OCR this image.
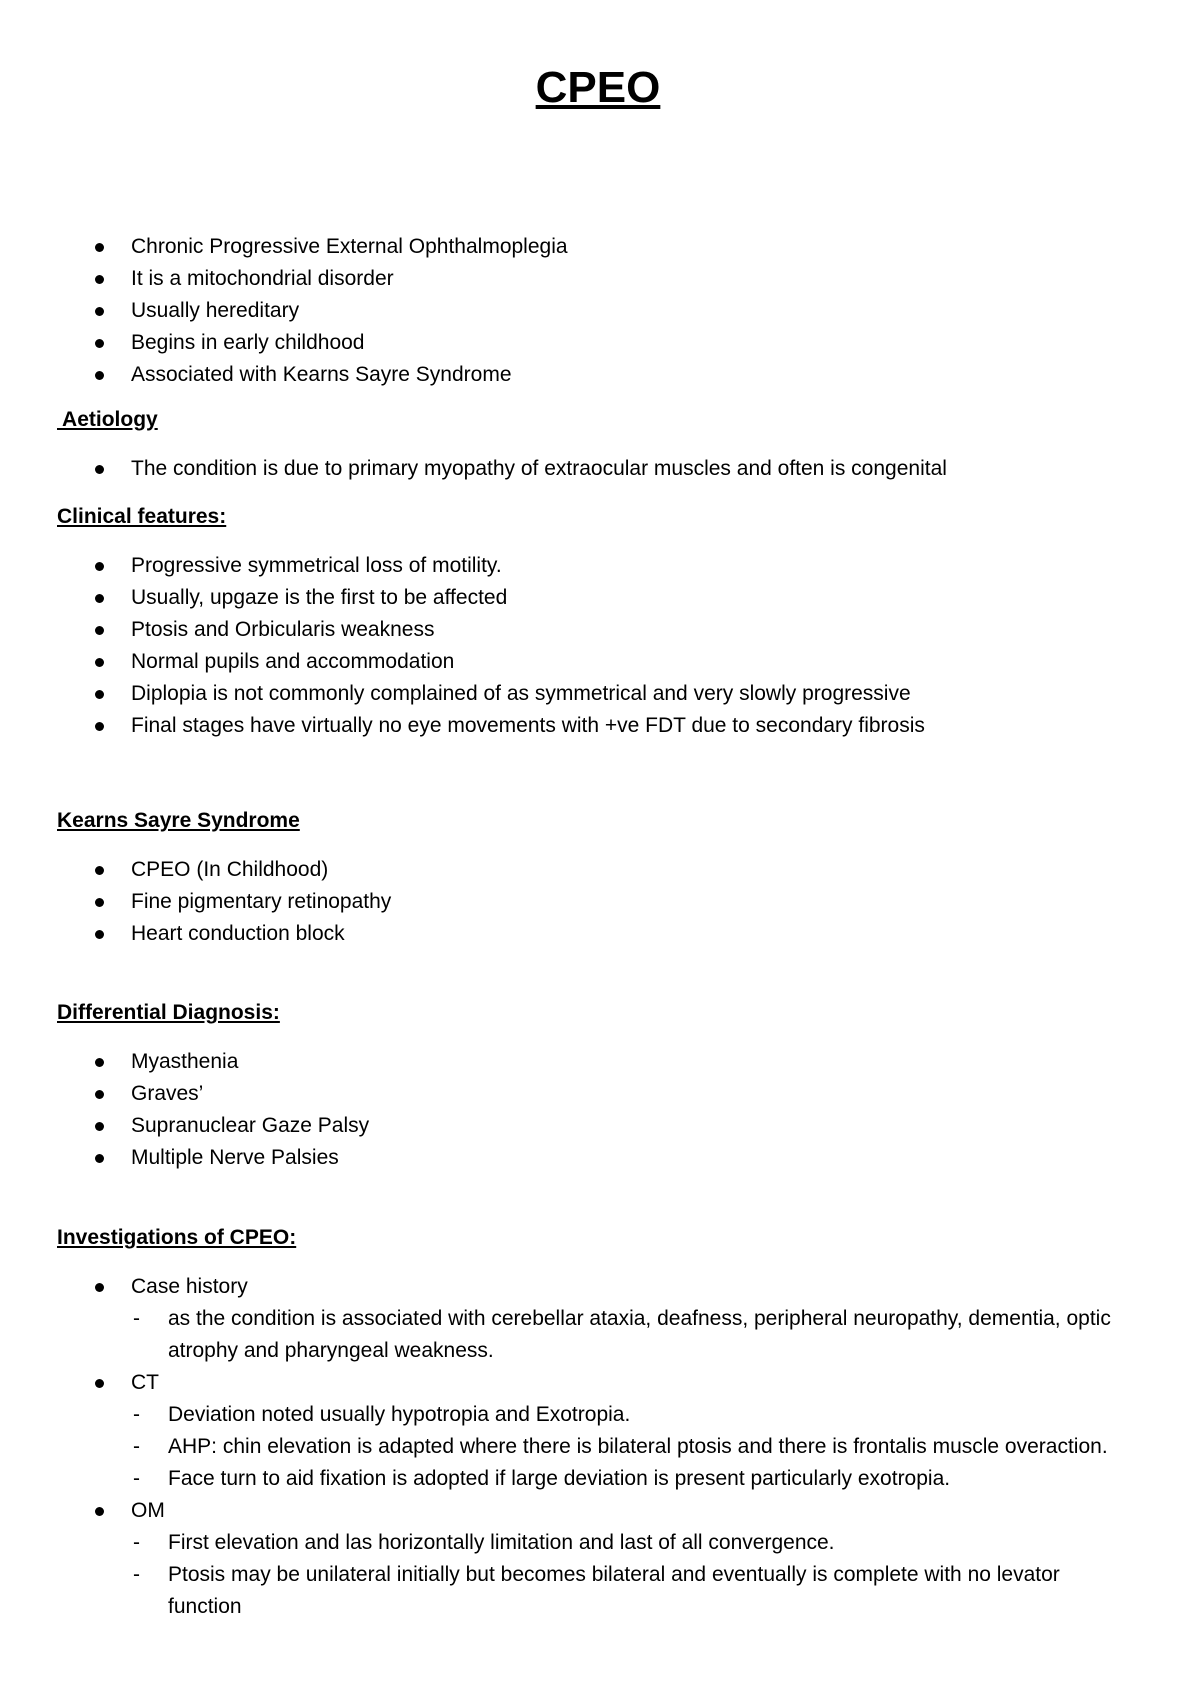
CPEO
Chronic Progressive External Ophthalmoplegia
It is a mitochondrial disorder
Usually hereditary
Begins in early childhood
Associated with Kearns Sayre Syndrome
Aetiology
The condition is due to primary myopathy of extraocular muscles and often is congenital
Clinical features:
Progressive symmetrical loss of motility.
Usually, upgaze is the first to be affected
Ptosis and Orbicularis weakness
Normal pupils and accommodation
Diplopia is not commonly complained of as symmetrical and very slowly progressive
Final stages have virtually no eye movements with +ve FDT due to secondary fibrosis
Kearns Sayre Syndrome
CPEO (In Childhood)
Fine pigmentary retinopathy
Heart conduction block
Differential Diagnosis:
Myasthenia
Graves’
Supranuclear Gaze Palsy
Multiple Nerve Palsies
Investigations of CPEO:
Case history
- as the condition is associated with cerebellar ataxia, deafness, peripheral neuropathy, dementia, optic atrophy and pharyngeal weakness.
CT
- Deviation noted usually hypotropia and Exotropia.
- AHP: chin elevation is adapted where there is bilateral ptosis and there is frontalis muscle overaction.
- Face turn to aid fixation is adopted if large deviation is present particularly exotropia.
OM
- First elevation and las horizontally limitation and last of all convergence.
- Ptosis may be unilateral initially but becomes bilateral and eventually is complete with no levator function
